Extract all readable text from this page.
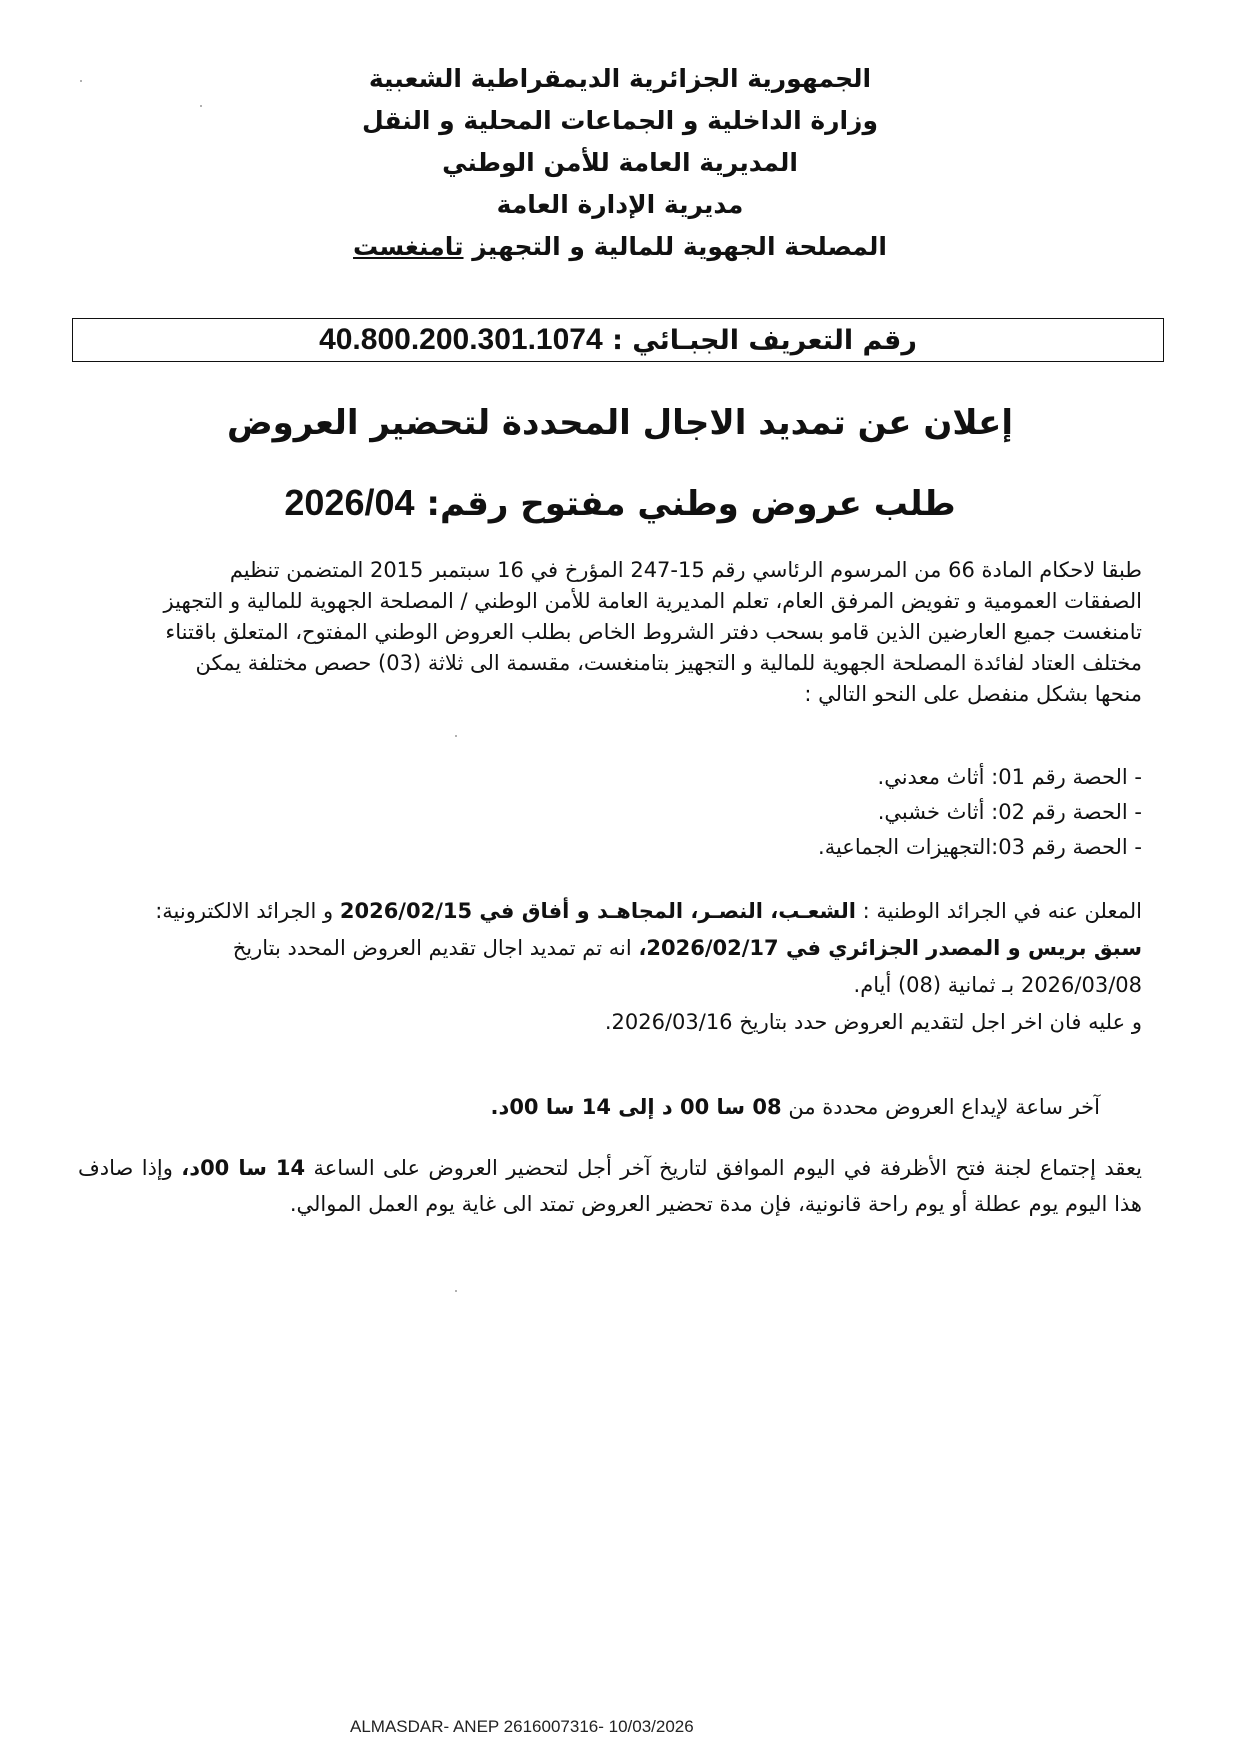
الجمهورية الجزائرية الديمقراطية الشعبية
وزارة الداخلية و الجماعات المحلية و النقل
المديرية العامة للأمن الوطني
مديرية الإدارة العامة
المصلحة الجهوية للمالية و التجهيز تامنغست
رقم التعريف الجبـائي : 40.800.200.301.1074
إعلان عن تمديد الاجال المحددة لتحضير العروض
طلب عروض وطني مفتوح رقم: 2026/04
طبقا لاحكام المادة 66 من المرسوم الرئاسي رقم 15-247 المؤرخ في 16 سبتمبر 2015 المتضمن تنظيم
الصفقات العمومية و تفويض المرفق العام، تعلم المديرية العامة للأمن الوطني / المصلحة الجهوية للمالية و التجهيز
تامنغست جميع العارضين الذين قامو بسحب دفتر الشروط الخاص بطلب العروض الوطني المفتوح، المتعلق باقتناء
مختلف العتاد لفائدة المصلحة الجهوية للمالية و التجهيز بتامنغست، مقسمة الى ثلاثة (03) حصص مختلفة يمكن
منحها بشكل منفصل على النحو التالي :
- الحصة رقم 01: أثاث معدني.
- الحصة رقم 02: أثاث خشبي.
- الحصة رقم 03:التجهيزات الجماعية.
المعلن عنه في الجرائد الوطنية : الشعـب، النصـر، المجاهـد و أفاق في 2026/02/15 و الجرائد الالكترونية:
سبق بريس و المصدر الجزائري في 2026/02/17، انه تم تمديد اجال تقديم العروض المحدد بتاريخ
2026/03/08 بـ ثمانية (08) أيام.
و عليه فان اخر اجل لتقديم العروض حدد بتاريخ 2026/03/16.
آخر ساعة لإيداع العروض محددة من 08 سا 00 د إلى 14 سا 00د.
يعقد إجتماع لجنة فتح الأظرفة في اليوم الموافق لتاريخ آخر أجل لتحضير العروض على الساعة 14 سا 00د، وإذا صادف هذا اليوم يوم عطلة أو يوم راحة قانونية، فإن مدة تحضير العروض تمتد الى غاية يوم العمل الموالي.
ALMASDAR- ANEP 2616007316- 10/03/2026
